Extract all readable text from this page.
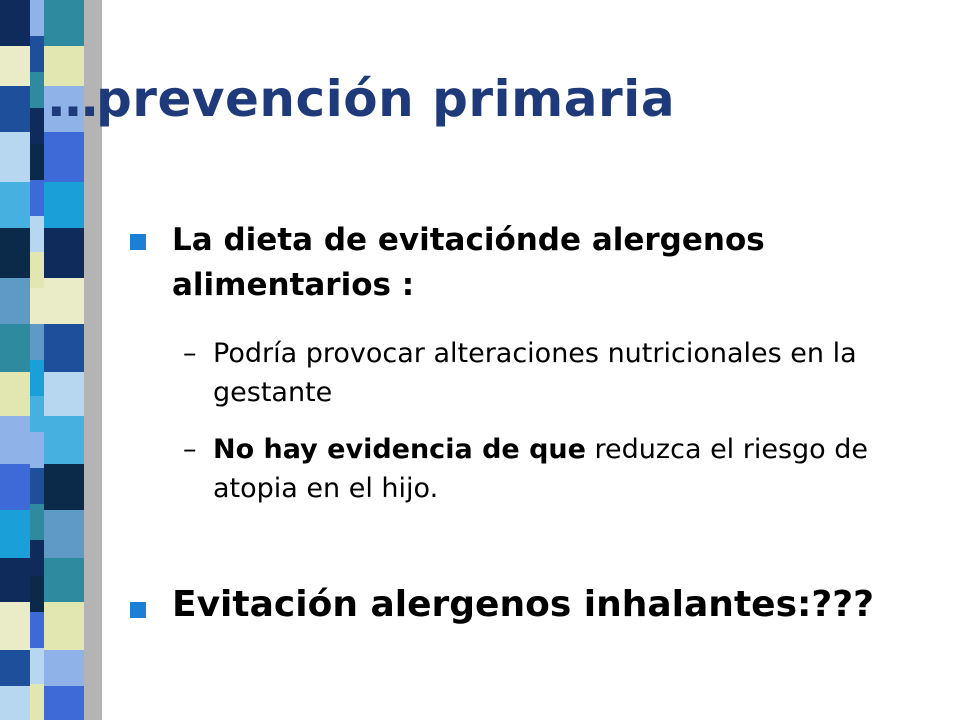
…prevención primaria
La dieta de evitaciónde alergenos alimentarios :
– Podría provocar alteraciones nutricionales en la gestante
– No hay evidencia de que reduzca el riesgo de atopia en el hijo.
Evitación alergenos inhalantes:???
